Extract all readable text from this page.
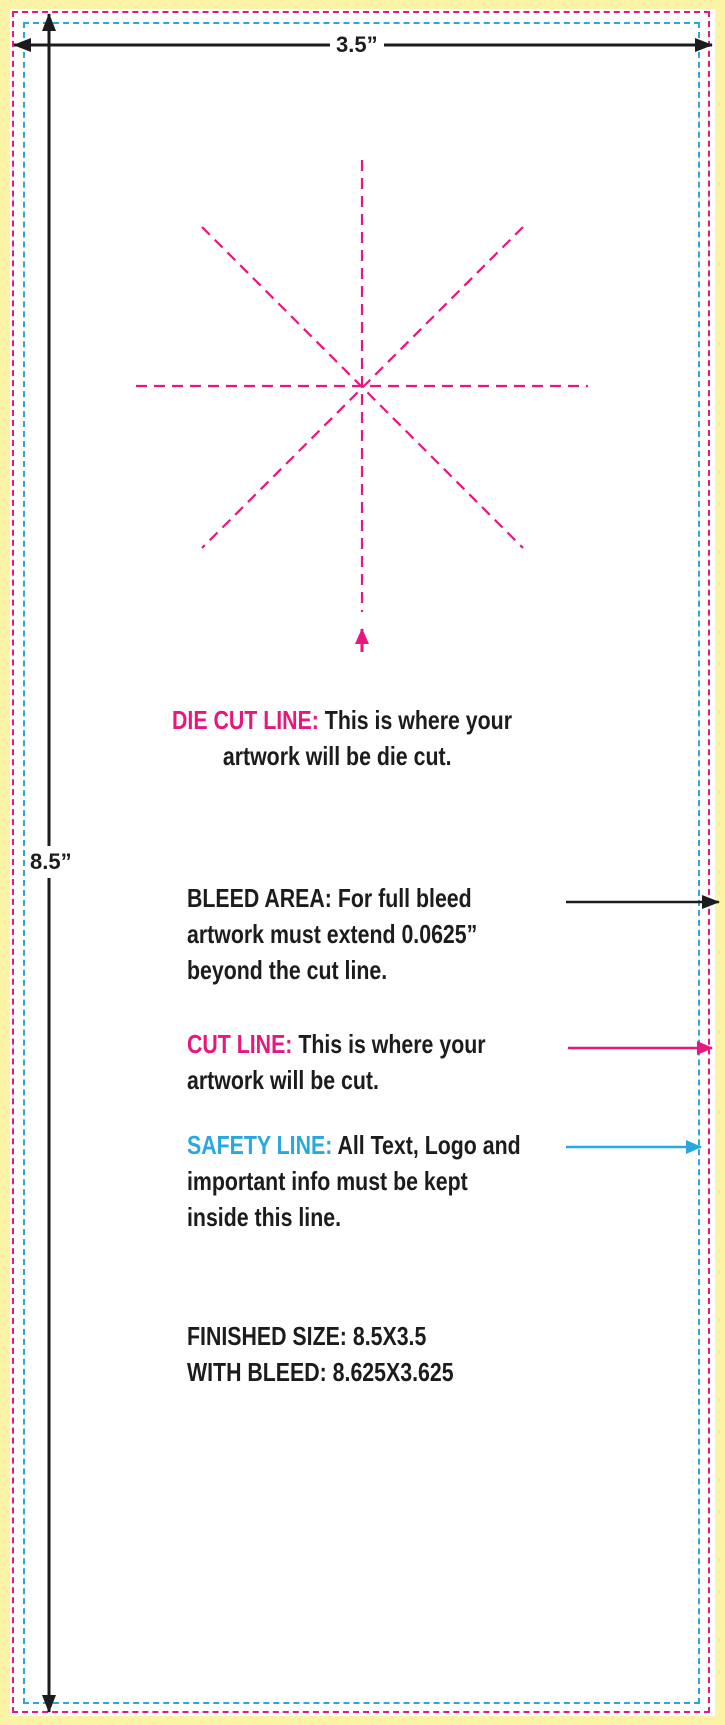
3.5”
8.5”
DIE CUT LINE: This is where your
artwork will be die cut.
BLEED AREA: For full bleed
artwork must extend 0.0625”
beyond the cut line.
CUT LINE: This is where your
artwork will be cut.
SAFETY LINE: All Text, Logo and
important info must be kept
inside this line.
FINISHED SIZE: 8.5X3.5
WITH BLEED: 8.625X3.625
